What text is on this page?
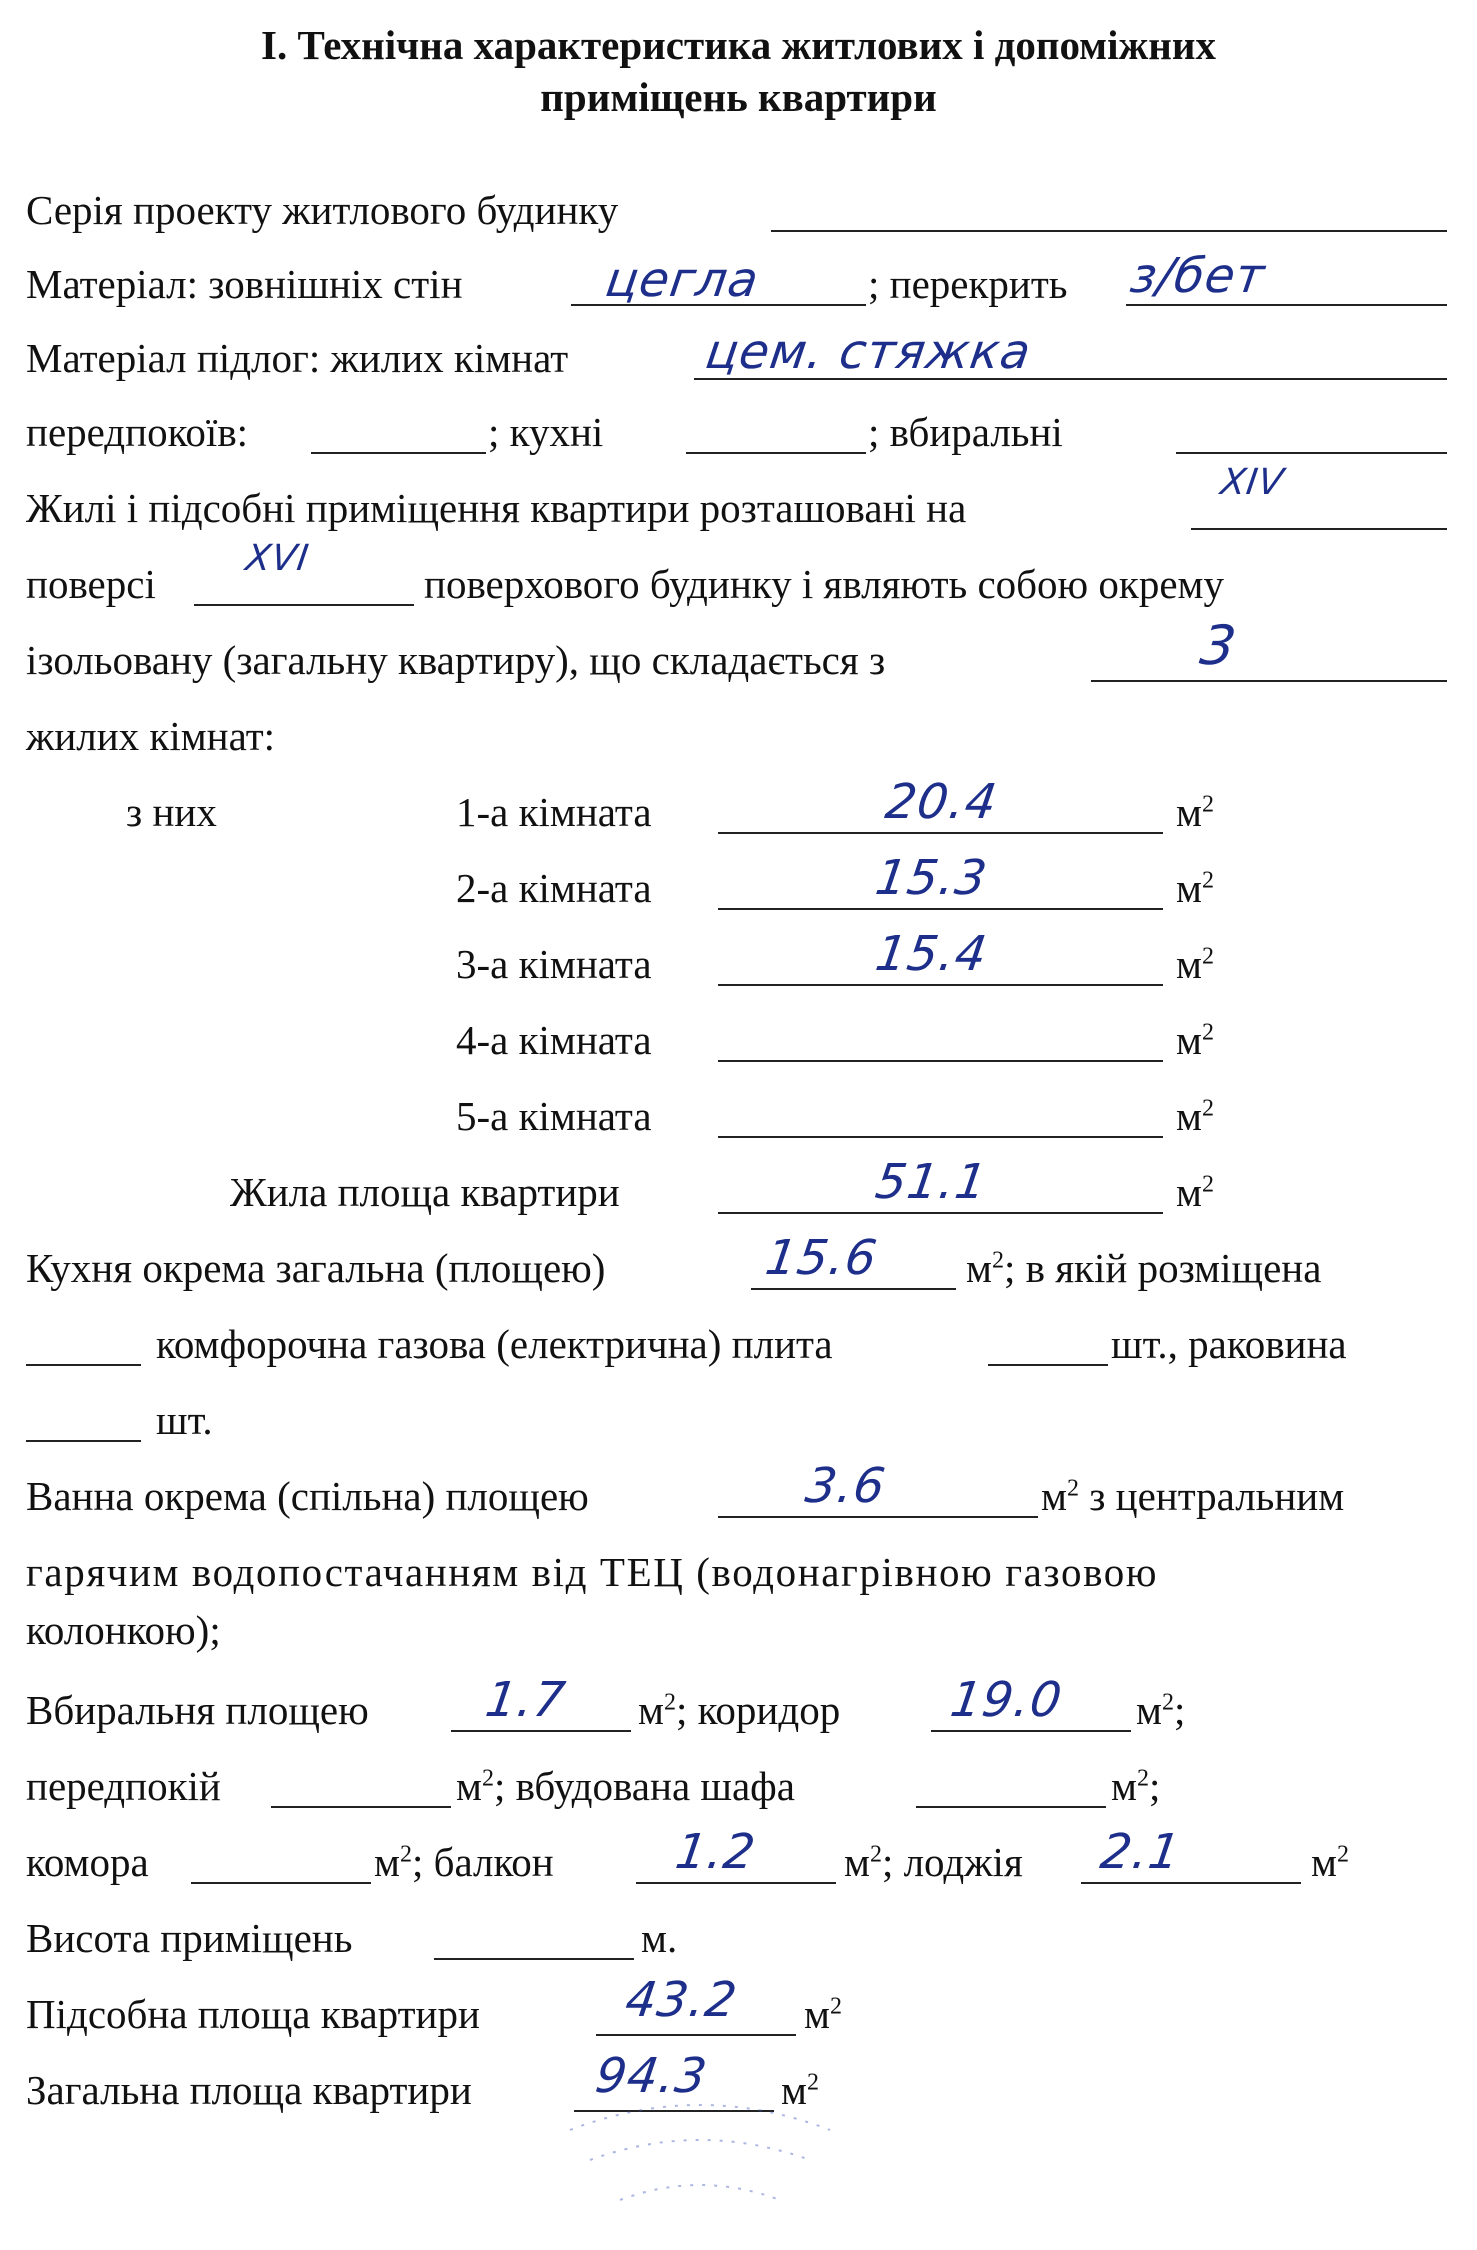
І. Технічна характеристика житлових і допоміжних
приміщень квартири
Серія проекту житлового будинку
Матеріал: зовнішніх стін	цегла	; перекрить з/бет
Матеріал підлог: жилих кімнат	цем. стяжка
передпокоїв:	; кухні	; вбиральні
Жилі і підсобні приміщення квартири розташовані на
XIV
поверсі
XVI
поверхового будинку і являють собою окрему
ізольовану (загальну квартиру), що складається з	3
жилих кімнат:
з них	1-а кімната	20.4	$м^2$
2-а кімната	15.3	$м^2$
3-а кімната	15.4	$м^2$
4-а кімната	$м^2$
5-а кімната	$м^2$
Жила площа квартири	51.1	$м^2$
Кухня окрема загальна (площею)	15.6 $м^2$; в якій розміщена
комфорочна газова (електрична) плита	шт., раковина
шт.
Ванна окрема (спільна) площею	3.6	$м^2$ з центральним
гарячим водопостачанням від ТЕЦ (водонагрівною газовою
колонкою);
Вбиральня площею 1.7 $м^2$; коридор 19.0 $м^2$;
передпокій	$м^2$; вбудована шафа	$м^2$;
комора	$м^2$; балкон 1.2 $м^2$; лоджія 2.1	$м^2$
Висота приміщень	м.
Підсобна площа квартири	43.2 $м^2$
Загальна площа квартири	94.3 $м^2$
